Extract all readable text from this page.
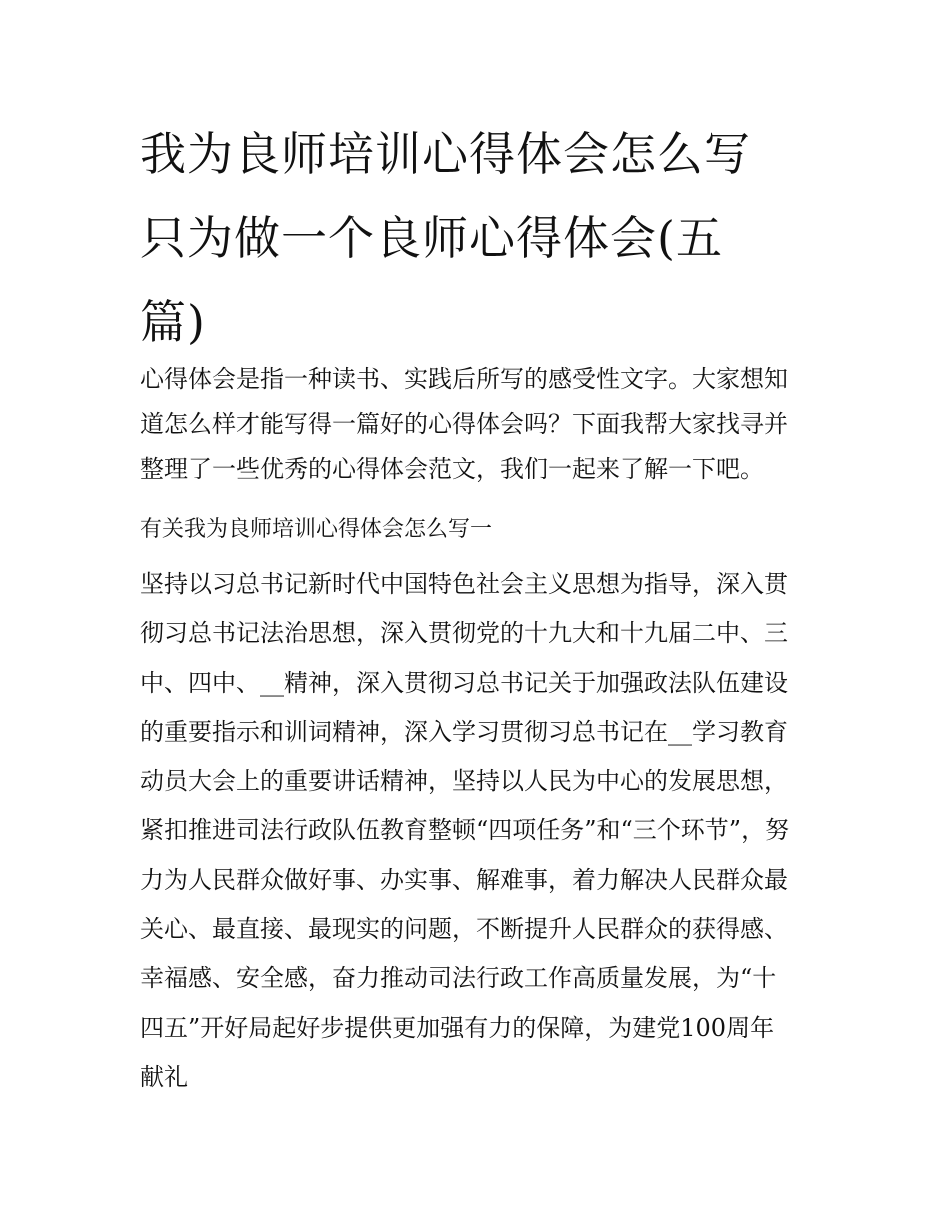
我为良师培训心得体会怎么写
只为做一个良师心得体会(五
篇)

心得体会是指一种读书、实践后所写的感受性文字。大家想知
道怎么样才能写得一篇好的心得体会吗？下面我帮大家找寻并
整理了一些优秀的心得体会范文，我们一起来了解一下吧。

有关我为良师培训心得体会怎么写一

坚持以习总书记新时代中国特色社会主义思想为指导，深入贯
彻习总书记法治思想，深入贯彻党的十九大和十九届二中、三
中、四中、__精神，深入贯彻习总书记关于加强政法队伍建设
的重要指示和训词精神，深入学习贯彻习总书记在__学习教育
动员大会上的重要讲话精神，坚持以人民为中心的发展思想，
紧扣推进司法行政队伍教育整顿“四项任务”和“三个环节”，努
力为人民群众做好事、办实事、解难事，着力解决人民群众最
关心、最直接、最现实的问题，不断提升人民群众的获得感、
幸福感、安全感，奋力推动司法行政工作高质量发展，为“十
四五”开好局起好步提供更加强有力的保障，为建党100周年
献礼
